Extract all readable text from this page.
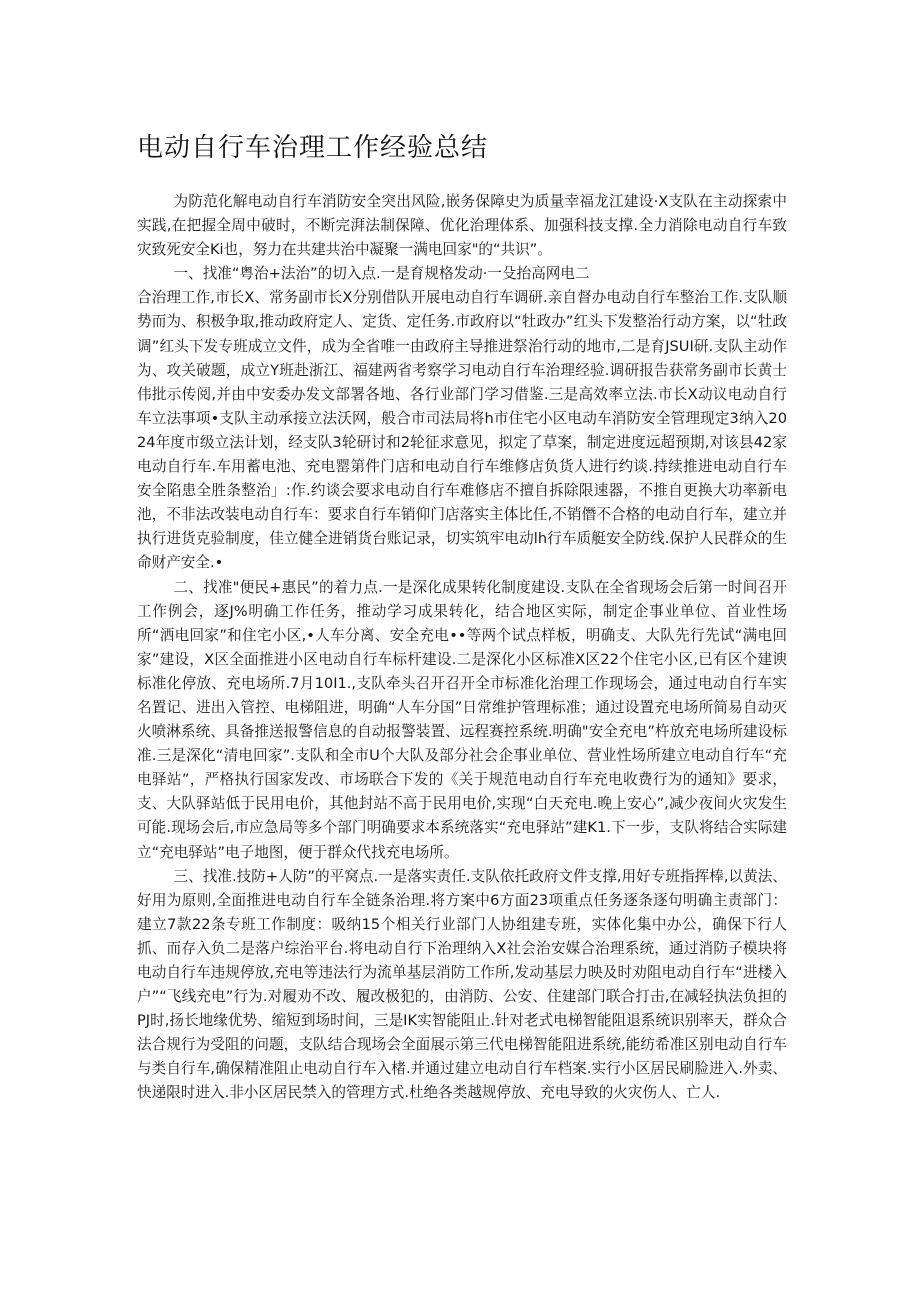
电动自行车治理工作经验总结

为防范化解电动自行车消防安全突出风险,嵌务保障史为质量幸福龙江建设·X支队在主动探索中实践,在把握全周中破时，不断完湃法制保障、优化治理体系、加强科技支撑.全力消除电动自行车致灾致死安全Ki也，努力在共建共治中凝聚一满电回家"的“共识”。

一、找准“粤治+法治”的切入点.一是育规格发动·一殳抬高网电二

合治理工作,市长X、常务副市长X分别借队开展电动自行车调研.亲自督办电动自行车整治工作.支队顺势而为、积极争取,推动政府定人、定货、定任务.市政府以“牡政办”红头下发整治行动方案，以“牡政调”红头下发专班成立文件，成为全省唯一由政府主导推进祭治行动的地市,二是育JSUI研.支队主动作为、攻关破题，成立Y班赴浙江、福建两省考察学习电动自行车治理经验.调研报告获常务副市长黄士伟批示传阅,并由中安委办发文部署各地、各行业部门学习借鉴.三是高效率立法.市长X动议电动自行车立法事项•支队主动承接立法沃网，般合市司法局将h市住宅小区电动车消防安全管理现定3纳入2024年度市级立法计划，经支队3轮研讨和2轮征求意见，拟定了草案，制定进度远超预期,对该县42家电动自行车.车用蓄电池、充电罂第件门店和电动自行车维修店负货人进行约谈.持续推进电动自行车安全陷患全胜条整治」:作.约谈会要求电动自行车难修店不擅自拆除限速器，不推自更换大功率新电池，不非法改装电动自行车：要求自行车销仰门店落实主体比任,不销僭不合格的电动自行车，建立并执行进货克验制度，佳立健全进销货台账记录，切实筑牢电动lh行车质艇安全防线.保护人民群众的生命财产安全.•

二、找准"便民+惠民”的着力点.一是深化成果转化制度建设.支队在全省现场会后第一时间召开工作例会，逐J%明确工作任务，推动学习成果转化，结合地区实际，制定企事业单位、首业性场所“洒电回家”和住宅小区,•人车分离、安全充电••等两个试点样板，明确支、大队先行先试“满电回家”建设，X区全面推进小区电动自行车标杆建设.二是深化小区标准X区22个住宅小区,已有区个建谀标准化停放、充电场所.7月10I1.,支队牵头召开召开全市标准化治理工作现场会，通过电动自行车实名置记、进出入管控、电梯阻进，明确“人车分国”日常维护管理标准；通过设置充电场所简易自动灭火喷淋系统、具备推送报警信息的自动报警装置、远程赛控系统.明确"安全充电”杵放充电场所建设标准.三是深化“清电回家”.支队和全市U个大队及部分社会企事业单位、营业性场所建立电动自行车“充电驿站”，严格执行国家发改、市场联合下发的《关于规范电动自行车充电收费行为的通知》要求，支、大队驿站低于民用电价，其他封站不高于民用电价,实现“白天充电.晚上安心”,减少夜间火灾发生可能.现场会后,市应急局等多个部门明确要求本系统落实“充电驿站”建K1.下一步，支队将结合实际建立“充电驿站”电子地图，便于群众代找充电场所。

三、找准.技防+人防”的平窝点.一是落实责任.支队依托政府文件支撑,用好专班指挥棒,以黄法、好用为原则,全面推进电动自行车全链条治理.将方案中6方面23项重点任务逐条逐句明确主责部门：建立7款22条专班工作制度：吸纳15个相关行业部门人协组建专班，实体化集中办公，确保下行人抓、而存入负二是落户综治平台.将电动自行下治理纳入X社会治安媒合治理系统，通过消防子模块将电动自行车违规停放,充电等违法行为流单基层消防工作所,发动基层力映及时劝阻电动自行车“进楼入户”“飞线充电”行为.对履劝不改、履改极犯的，由消防、公安、住建部门联合打击,在减轻执法负担的PJ时,扬长地缘优势、缩短到场时间，三是IK实智能阻止.针对老式电梯智能阻退系统识别率天，群众合法合规行为受阻的问题，支队结合现场会全面展示第三代电梯智能阻进系统,能纺希准区别电动自行车与类自行车,确保精准阻止电动自行车入楮.并通过建立电动自行车档案.实行小区居民刷脸进入.外卖、快递限时进入.非小区居民禁入的管理方式.杜绝各类越规停放、充电导致的火灾伤人、亡人.
